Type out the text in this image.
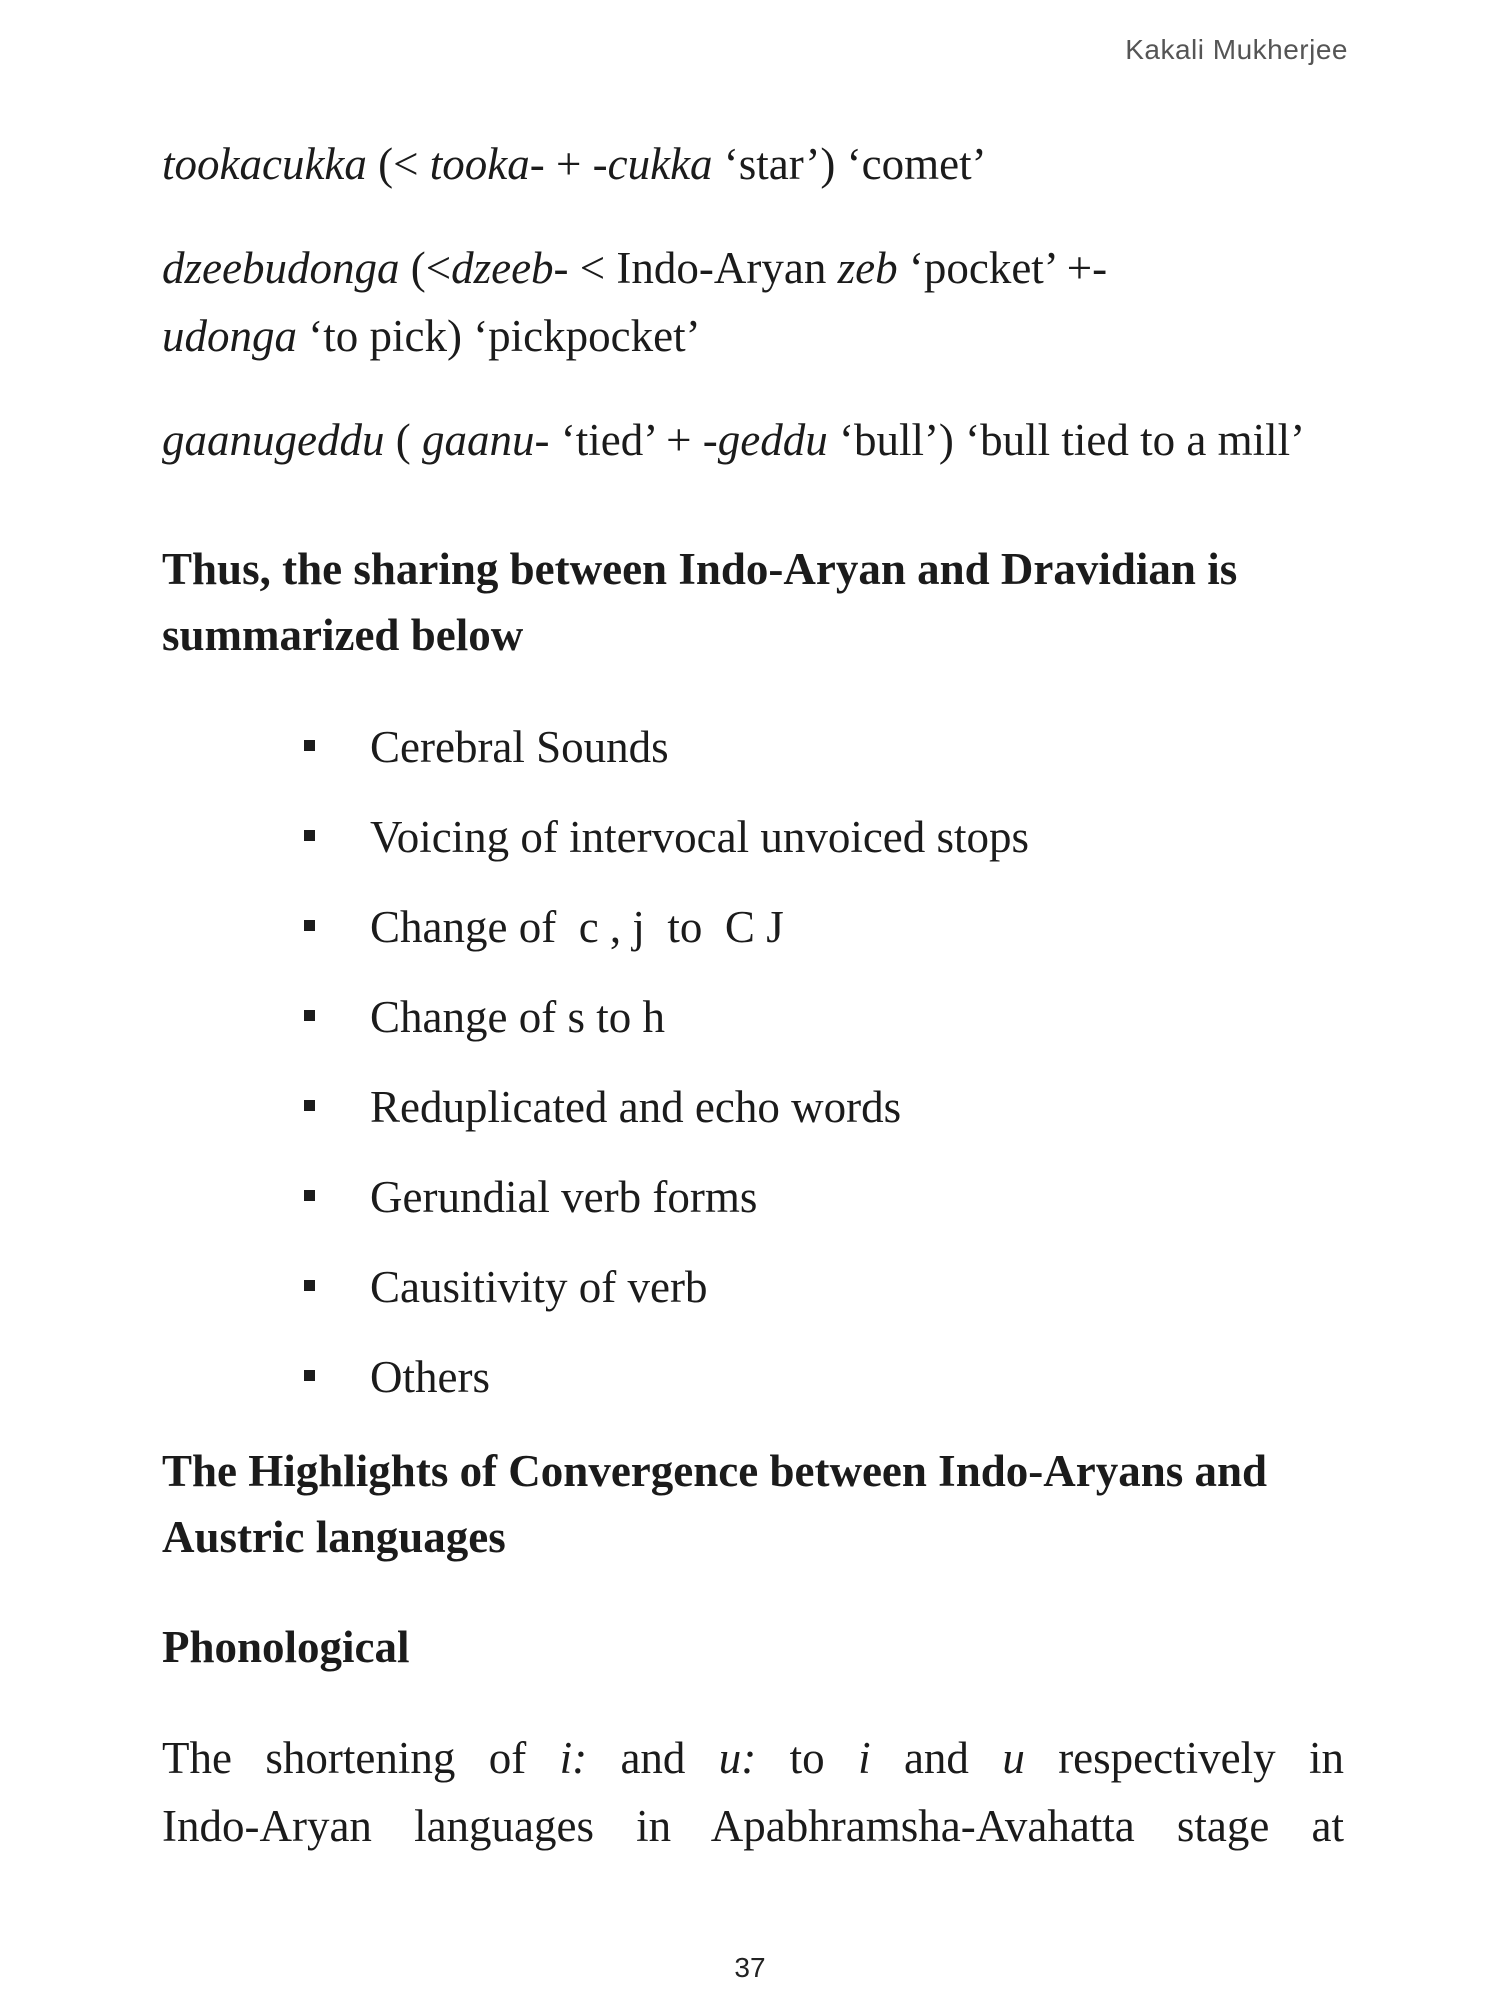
Kakali Mukherjee

tookacukka (< tooka- + -cukka ‘star’) ‘comet’

dzeebudonga (<dzeeb- < Indo-Aryan zeb ‘pocket’ +-
udonga ‘to pick) ‘pickpocket’

gaanugeddu ( gaanu- ‘tied’ + -geddu ‘bull’) ‘bull tied to a mill’

Thus, the sharing between Indo-Aryan and Dravidian is summarized below

Cerebral Sounds
Voicing of intervocal unvoiced stops
Change of  c , j  to  C J
Change of s to h
Reduplicated and echo words
Gerundial verb forms
Causitivity of verb
Others

The Highlights of Convergence between Indo-Aryans and Austric languages

Phonological

The shortening of i: and u: to i and u respectively in
Indo-Aryan languages in Apabhramsha-Avahatta stage at

37
